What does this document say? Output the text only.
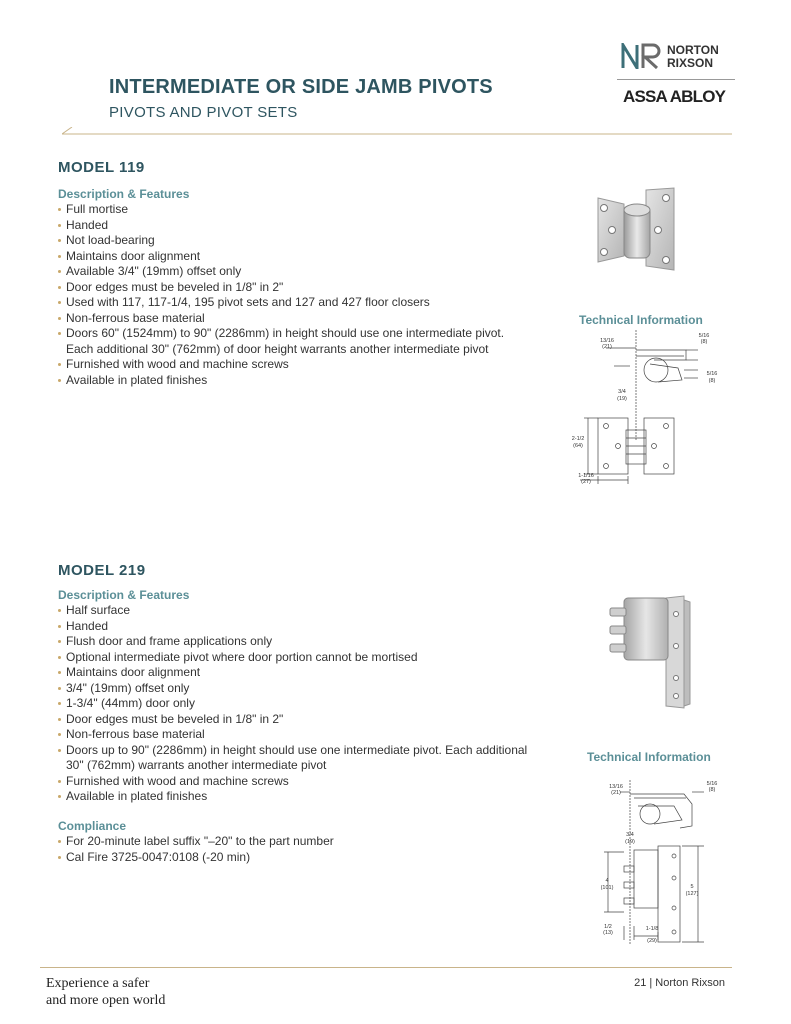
INTERMEDIATE OR SIDE JAMB PIVOTS
PIVOTS AND PIVOT SETS
NORTON
RIXSON
ASSA ABLOY
MODEL 119
Description & Features
Full mortise
Handed
Not load-bearing
Maintains door alignment
Available 3/4" (19mm) offset only
Door edges must be beveled in 1/8" in 2"
Used with 117, 117-1/4, 195 pivot sets and 127 and 427 floor closers
Non-ferrous base material
Doors 60" (1524mm) to 90" (2286mm) in height should use one intermediate pivot. Each additional 30" (762mm) of door height warrants another intermediate pivot
Furnished with wood and machine screws
Available in plated finishes
Technical Information
13/16
(21)
5/16
(8)
5/16
(8)
3/4
(19)
2-1/2
(64)
1-1/16
(27)
MODEL 219
Description & Features
Half surface
Handed
Flush door and frame applications only
Optional intermediate pivot where door portion cannot be mortised
Maintains door alignment
3/4" (19mm) offset only
1-3/4" (44mm) door only
Door edges must be beveled in 1/8" in 2"
Non-ferrous base material
Doors up to 90" (2286mm) in height should use one intermediate pivot. Each additional 30" (762mm) warrants another intermediate pivot
Furnished with wood and machine screws
Available in plated finishes
Compliance
For 20-minute label suffix "–20" to the part number
Cal Fire 3725-0047:0108 (-20 min)
Technical Information
13/16
(21)
5/16
(8)
3/4
(19)
4
(101)	5
(127)
1/2
(13)
1-1/8
(29)
Experience a safer
and more open world
21 | Norton Rixson
